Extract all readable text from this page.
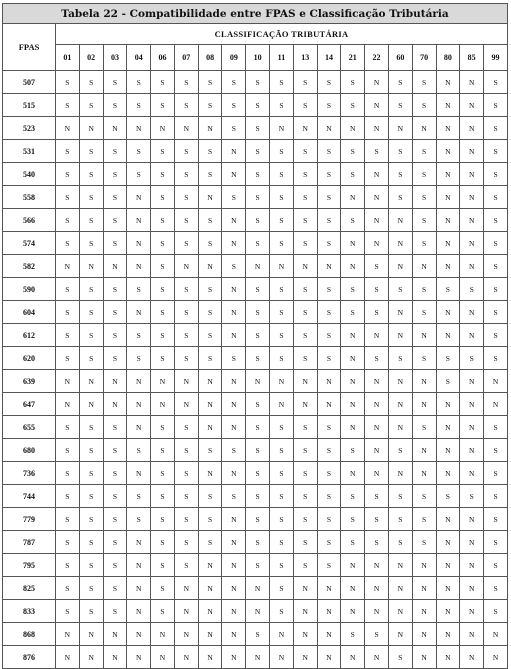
Tabela 22 - Compatibilidade entre FPAS e Classificação Tributária																			
FPAS	CLASSIFICAÇÃO TRIBUTÁRIA																		
	01	02	03	04	06	07	08	09	10	11	13	14	21	22	60	70	80	85	99
507	S	S	S	S	S	S	S	S	S	S	S	S	S	N	S	S	N	N	S
515	S	S	S	S	S	S	S	S	S	S	S	S	S	N	S	S	N	N	S
523	N	N	N	N	N	N	N	S	S	N	N	N	N	N	N	N	N	N	S
531	S	S	S	S	S	S	S	N	S	S	S	S	S	S	S	S	N	N	S
540	S	S	S	S	S	S	S	N	S	S	S	S	S	N	S	S	N	N	S
558	S	S	S	N	S	S	N	S	S	S	S	S	N	N	S	S	N	N	S
566	S	S	S	N	S	S	S	N	S	S	S	S	S	N	N	S	N	N	S
574	S	S	S	N	S	S	S	N	S	S	S	S	N	N	N	S	N	N	S
582	N	N	N	N	S	N	N	S	N	N	N	N	N	S	N	N	N	N	S
590	S	S	S	S	S	S	S	N	S	S	S	S	S	S	S	S	S	S	S
604	S	S	S	N	S	S	S	N	S	S	S	S	S	S	N	S	N	N	S
612	S	S	S	S	S	S	S	N	S	S	S	S	N	N	N	N	N	N	S
620	S	S	S	S	S	S	S	S	S	S	S	S	N	S	S	S	S	S	S
639	N	N	N	N	N	N	N	N	N	N	N	N	N	N	N	N	S	N	N
647	N	N	N	N	N	N	N	N	S	N	N	N	N	N	N	N	N	N	N
655	S	S	S	N	S	S	N	N	S	S	S	S	N	N	N	S	N	N	S
680	S	S	S	S	S	S	S	S	S	S	S	S	S	N	S	N	N	N	S
736	S	S	S	N	S	S	N	N	S	S	S	S	N	N	N	N	N	N	S
744	S	S	S	S	S	S	S	S	S	S	S	S	S	S	S	S	S	S	S
779	S	S	S	S	S	S	S	N	S	S	S	S	S	S	S	S	N	N	S
787	S	S	S	N	S	S	S	N	S	S	S	S	S	S	S	S	N	N	S
795	S	S	S	N	S	S	N	N	S	S	S	S	N	N	N	N	N	N	S
825	S	S	S	N	S	N	N	N	N	S	N	N	N	N	N	N	N	N	S
833	S	S	S	N	S	N	N	N	N	S	N	N	N	N	N	N	N	N	S
868	N	N	N	N	N	N	N	N	S	N	N	N	S	S	N	N	N	N	N
876	N	N	N	N	N	N	N	N	N	N	N	N	N	N	S	N	N	N	N
